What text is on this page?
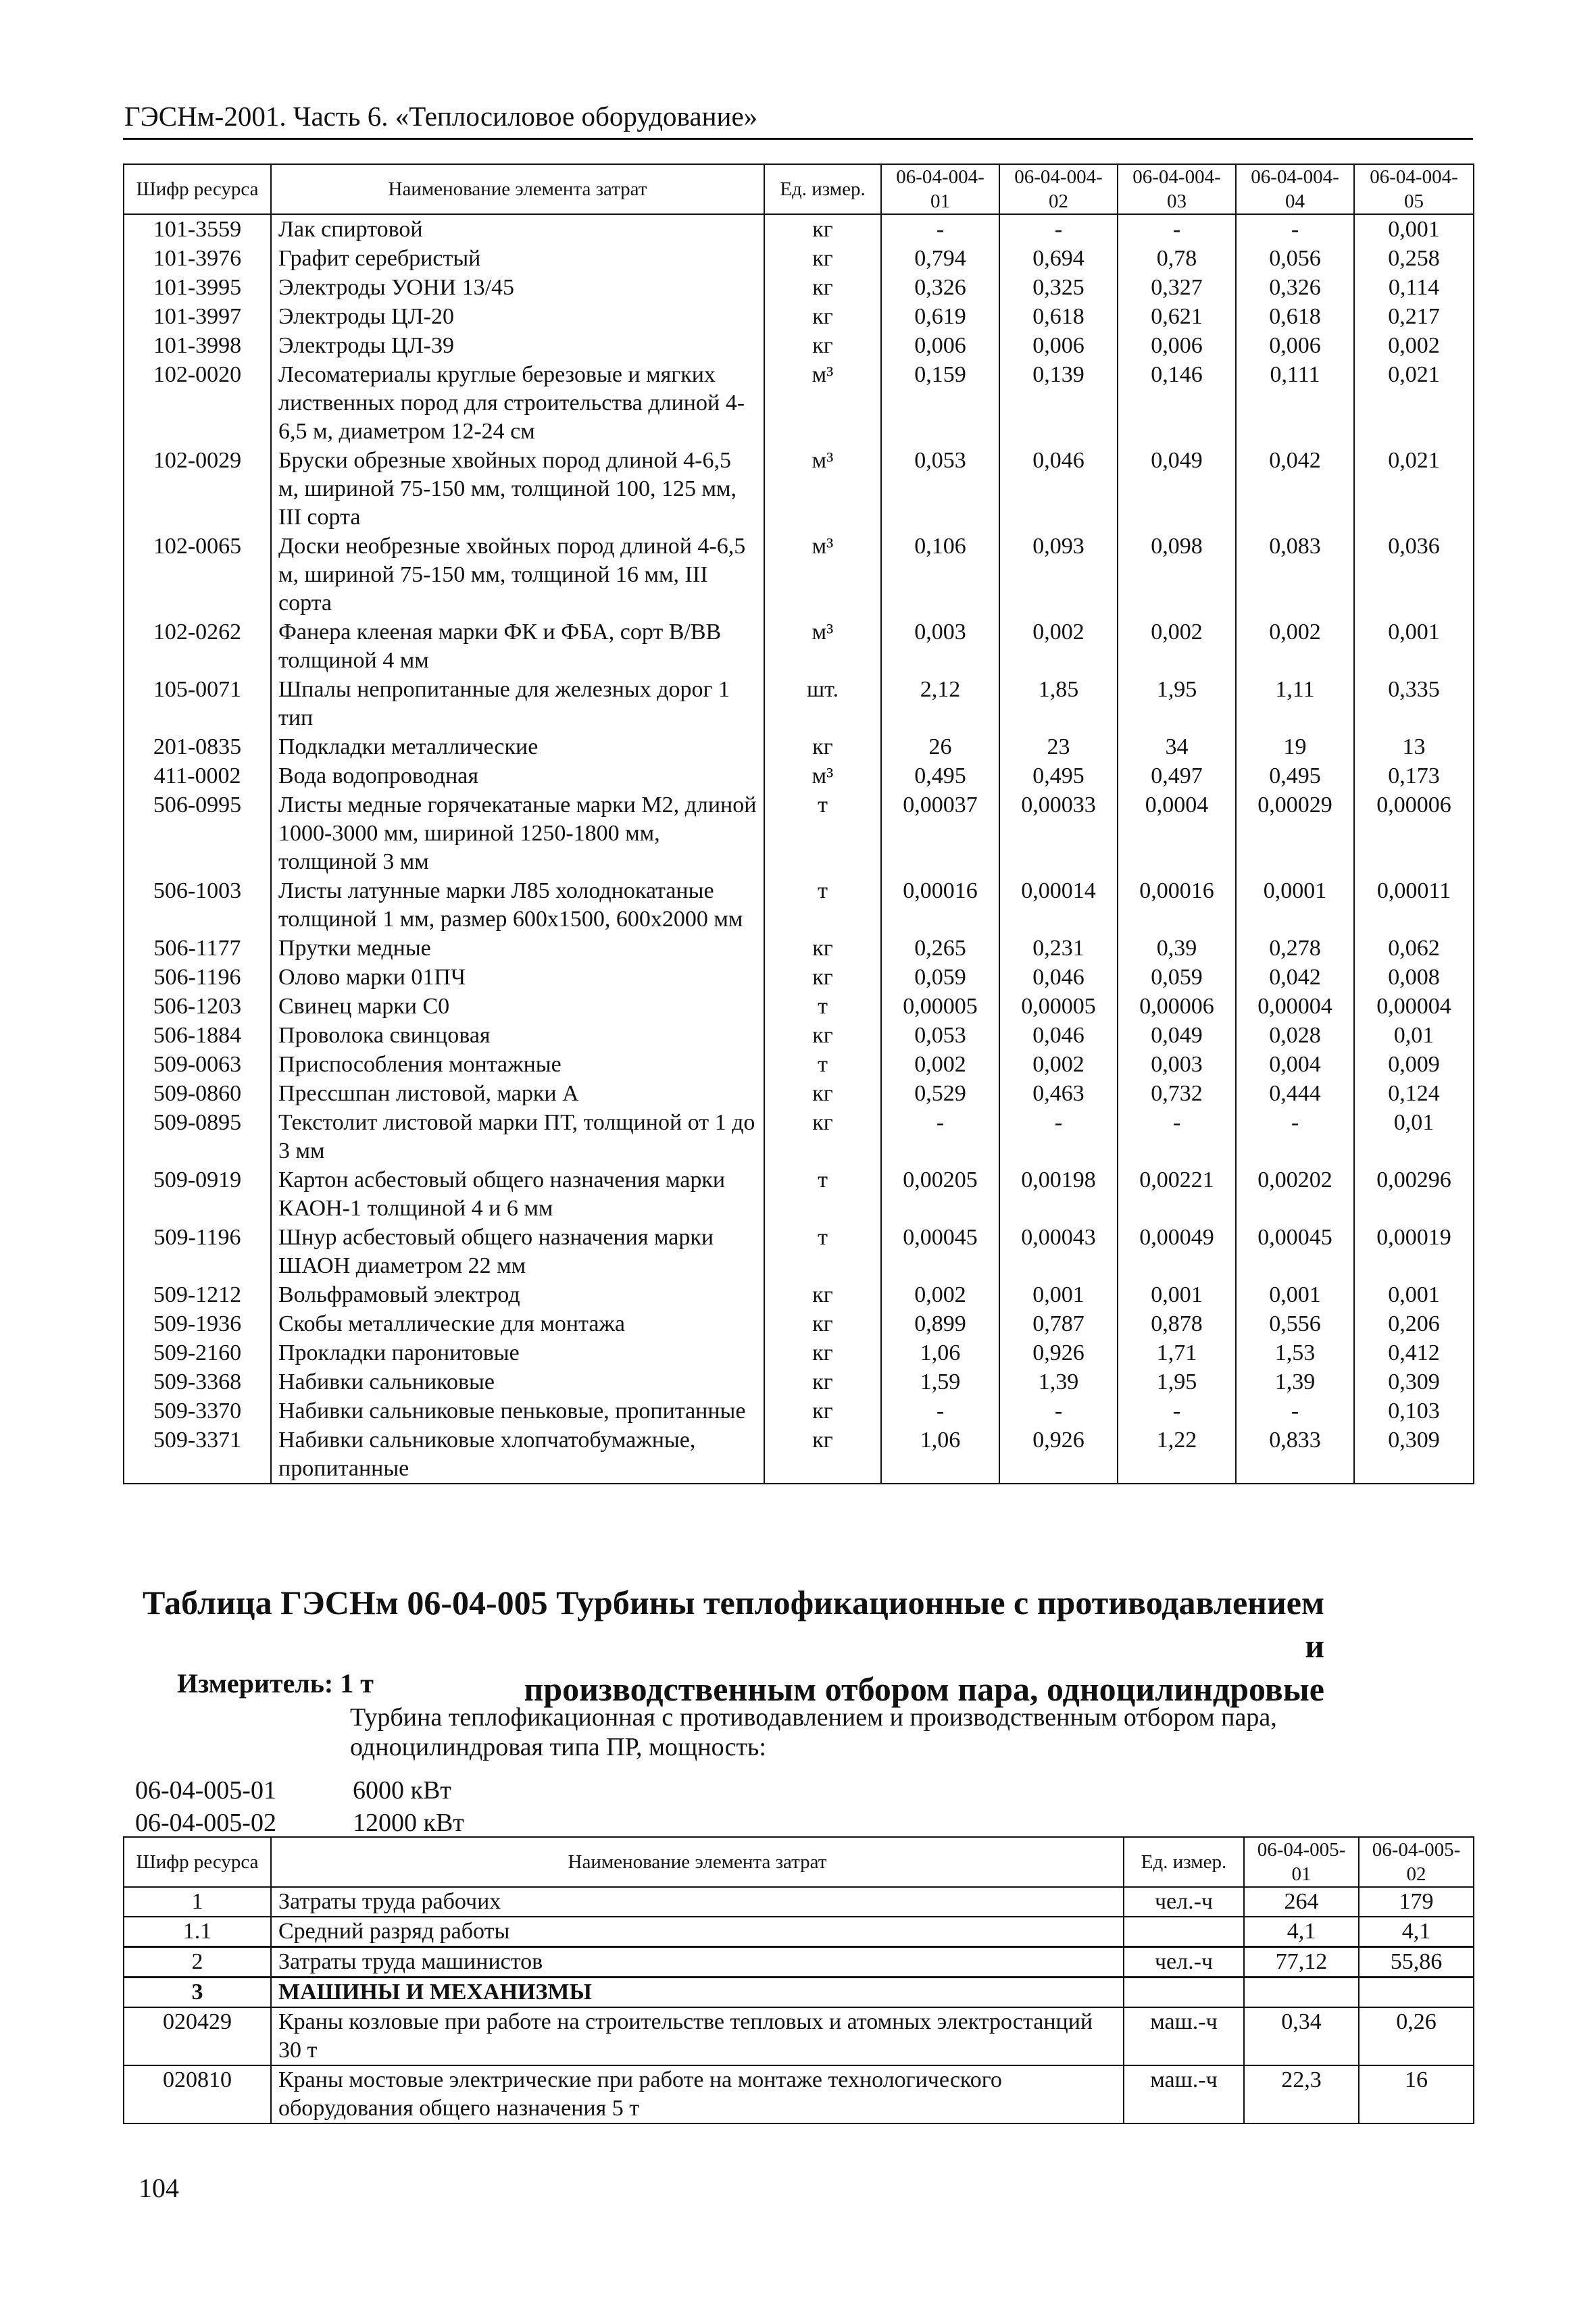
ГЭСНм-2001. Часть 6. «Теплосиловое оборудование»
Шифр ресурса	Наименование элемента затрат	Ед. измер.	06-04-004-01	06-04-004-02	06-04-004-03	06-04-004-04	06-04-004-05
101-3559	Лак спиртовой	кг	-	-	-	-	0,001
101-3976	Графит серебристый	кг	0,794	0,694	0,78	0,056	0,258
101-3995	Электроды УОНИ 13/45	кг	0,326	0,325	0,327	0,326	0,114
101-3997	Электроды ЦЛ-20	кг	0,619	0,618	0,621	0,618	0,217
101-3998	Электроды ЦЛ-39	кг	0,006	0,006	0,006	0,006	0,002
102-0020	Лесоматериалы круглые березовые и мягких лиственных пород для строительства длиной 4-6,5 м, диаметром 12-24 см	м³	0,159	0,139	0,146	0,111	0,021
102-0029	Бруски обрезные хвойных пород длиной 4-6,5 м, шириной 75-150 мм, толщиной 100, 125 мм, III сорта	м³	0,053	0,046	0,049	0,042	0,021
102-0065	Доски необрезные хвойных пород длиной 4-6,5 м, шириной 75-150 мм, толщиной 16 мм, III сорта	м³	0,106	0,093	0,098	0,083	0,036
102-0262	Фанера клееная марки ФК и ФБА, сорт В/ВВ толщиной 4 мм	м³	0,003	0,002	0,002	0,002	0,001
105-0071	Шпалы непропитанные для железных дорог 1 тип	шт.	2,12	1,85	1,95	1,11	0,335
201-0835	Подкладки металлические	кг	26	23	34	19	13
411-0002	Вода водопроводная	м³	0,495	0,495	0,497	0,495	0,173
506-0995	Листы медные горячекатаные марки М2, длиной 1000-3000 мм, шириной 1250-1800 мм, толщиной 3 мм	т	0,00037	0,00033	0,0004	0,00029	0,00006
506-1003	Листы латунные марки Л85 холоднокатаные толщиной 1 мм, размер 600х1500, 600х2000 мм	т	0,00016	0,00014	0,00016	0,0001	0,00011
506-1177	Прутки медные	кг	0,265	0,231	0,39	0,278	0,062
506-1196	Олово марки 01ПЧ	кг	0,059	0,046	0,059	0,042	0,008
506-1203	Свинец марки С0	т	0,00005	0,00005	0,00006	0,00004	0,00004
506-1884	Проволока свинцовая	кг	0,053	0,046	0,049	0,028	0,01
509-0063	Приспособления монтажные	т	0,002	0,002	0,003	0,004	0,009
509-0860	Прессшпан листовой, марки А	кг	0,529	0,463	0,732	0,444	0,124
509-0895	Текстолит листовой марки ПТ, толщиной от 1 до 3 мм	кг	-	-	-	-	0,01
509-0919	Картон асбестовый общего назначения марки КАОН-1 толщиной 4 и 6 мм	т	0,00205	0,00198	0,00221	0,00202	0,00296
509-1196	Шнур асбестовый общего назначения марки ШАОН диаметром 22 мм	т	0,00045	0,00043	0,00049	0,00045	0,00019
509-1212	Вольфрамовый электрод	кг	0,002	0,001	0,001	0,001	0,001
509-1936	Скобы металлические для монтажа	кг	0,899	0,787	0,878	0,556	0,206
509-2160	Прокладки паронитовые	кг	1,06	0,926	1,71	1,53	0,412
509-3368	Набивки сальниковые	кг	1,59	1,39	1,95	1,39	0,309
509-3370	Набивки сальниковые пеньковые, пропитанные	кг	-	-	-	-	0,103
509-3371	Набивки сальниковые хлопчатобумажные, пропитанные	кг	1,06	0,926	1,22	0,833	0,309
Таблица ГЭСНм 06-04-005 Турбины теплофикационные с противодавлением и
производственным отбором пара, одноцилиндровые
Измеритель: 1 т
Турбина теплофикационная с противодавлением и производственным отбором пара, одноцилиндровая типа ПР, мощность:
06-04-005-01	6000 кВт
06-04-005-02	12000 кВт
Шифр ресурса	Наименование элемента затрат	Ед. измер.	06-04-005-01	06-04-005-02
1	Затраты труда рабочих	чел.-ч	264	179
1.1	Средний разряд работы		4,1	4,1
2	Затраты труда машинистов	чел.-ч	77,12	55,86
3	МАШИНЫ И МЕХАНИЗМЫ			
020429	Краны козловые при работе на строительстве тепловых и атомных электростанций 30 т	маш.-ч	0,34	0,26
020810	Краны мостовые электрические при работе на монтаже технологического оборудования общего назначения 5 т	маш.-ч	22,3	16
104
